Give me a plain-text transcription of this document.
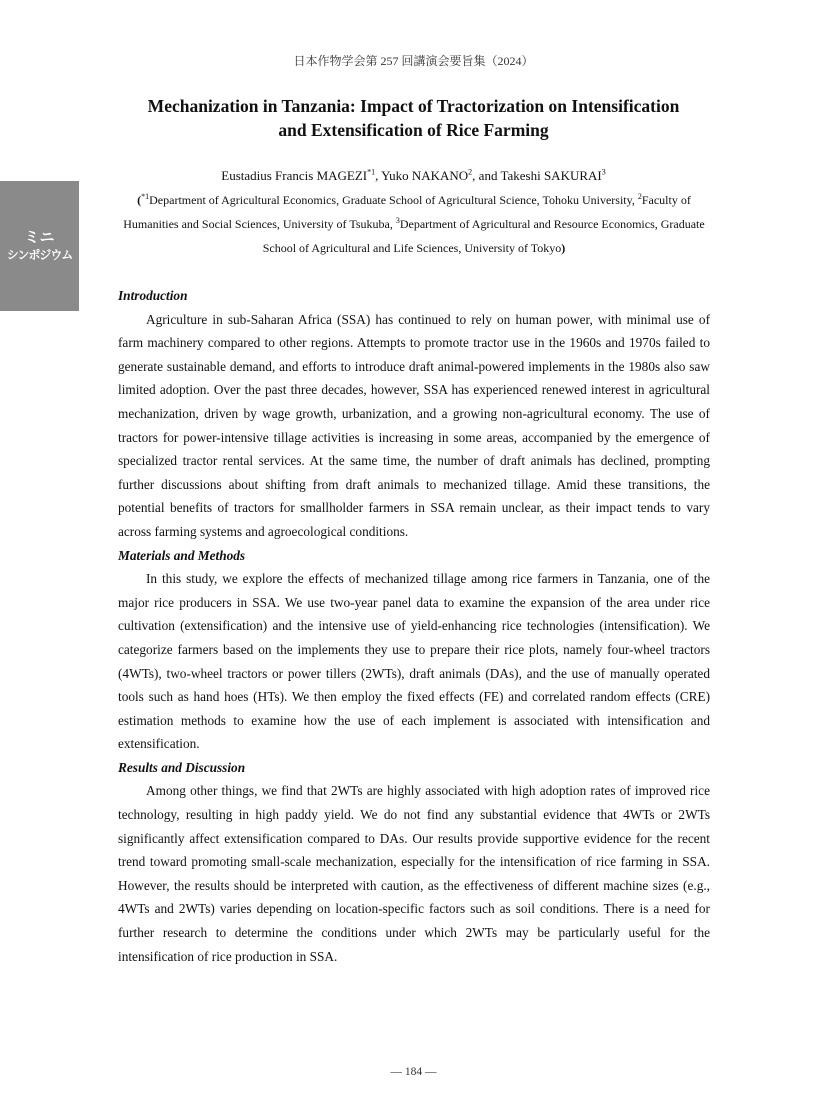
日本作物学会第 257 回講演会要旨集（2024）
ミニ
シンポジウム
Mechanization in Tanzania: Impact of Tractorization on Intensification
and Extensification of Rice Farming
Eustadius Francis MAGEZI$^{*1}$, Yuko NAKANO$^2$, and Takeshi SAKURAI$^3$
($^{*1}$Department of Agricultural Economics, Graduate School of Agricultural Science, Tohoku University, $^2$Faculty of Humanities and Social Sciences, University of Tsukuba, $^3$Department of Agricultural and Resource Economics, Graduate School of Agricultural and Life Sciences, University of Tokyo)
Introduction

Agriculture in sub-Saharan Africa (SSA) has continued to rely on human power, with minimal use of farm machinery compared to other regions. Attempts to promote tractor use in the 1960s and 1970s failed to generate sustainable demand, and efforts to introduce draft animal-powered implements in the 1980s also saw limited adoption. Over the past three decades, however, SSA has experienced renewed interest in agricultural mechanization, driven by wage growth, urbanization, and a growing non-agricultural economy. The use of tractors for power-intensive tillage activities is increasing in some areas, accompanied by the emergence of specialized tractor rental services. At the same time, the number of draft animals has declined, prompting further discussions about shifting from draft animals to mechanized tillage. Amid these transitions, the potential benefits of tractors for smallholder farmers in SSA remain unclear, as their impact tends to vary across farming systems and agroecological conditions.

Materials and Methods

In this study, we explore the effects of mechanized tillage among rice farmers in Tanzania, one of the major rice producers in SSA. We use two-year panel data to examine the expansion of the area under rice cultivation (extensification) and the intensive use of yield-enhancing rice technologies (intensification). We categorize farmers based on the implements they use to prepare their rice plots, namely four-wheel tractors (4WTs), two-wheel tractors or power tillers (2WTs), draft animals (DAs), and the use of manually operated tools such as hand hoes (HTs). We then employ the fixed effects (FE) and correlated random effects (CRE) estimation methods to examine how the use of each implement is associated with intensification and extensification.

Results and Discussion

Among other things, we find that 2WTs are highly associated with high adoption rates of improved rice technology, resulting in high paddy yield. We do not find any substantial evidence that 4WTs or 2WTs significantly affect extensification compared to DAs. Our results provide supportive evidence for the recent trend toward promoting small-scale mechanization, especially for the intensification of rice farming in SSA. However, the results should be interpreted with caution, as the effectiveness of different machine sizes (e.g., 4WTs and 2WTs) varies depending on location-specific factors such as soil conditions. There is a need for further research to determine the conditions under which 2WTs may be particularly useful for the intensification of rice production in SSA.

— 184 —
